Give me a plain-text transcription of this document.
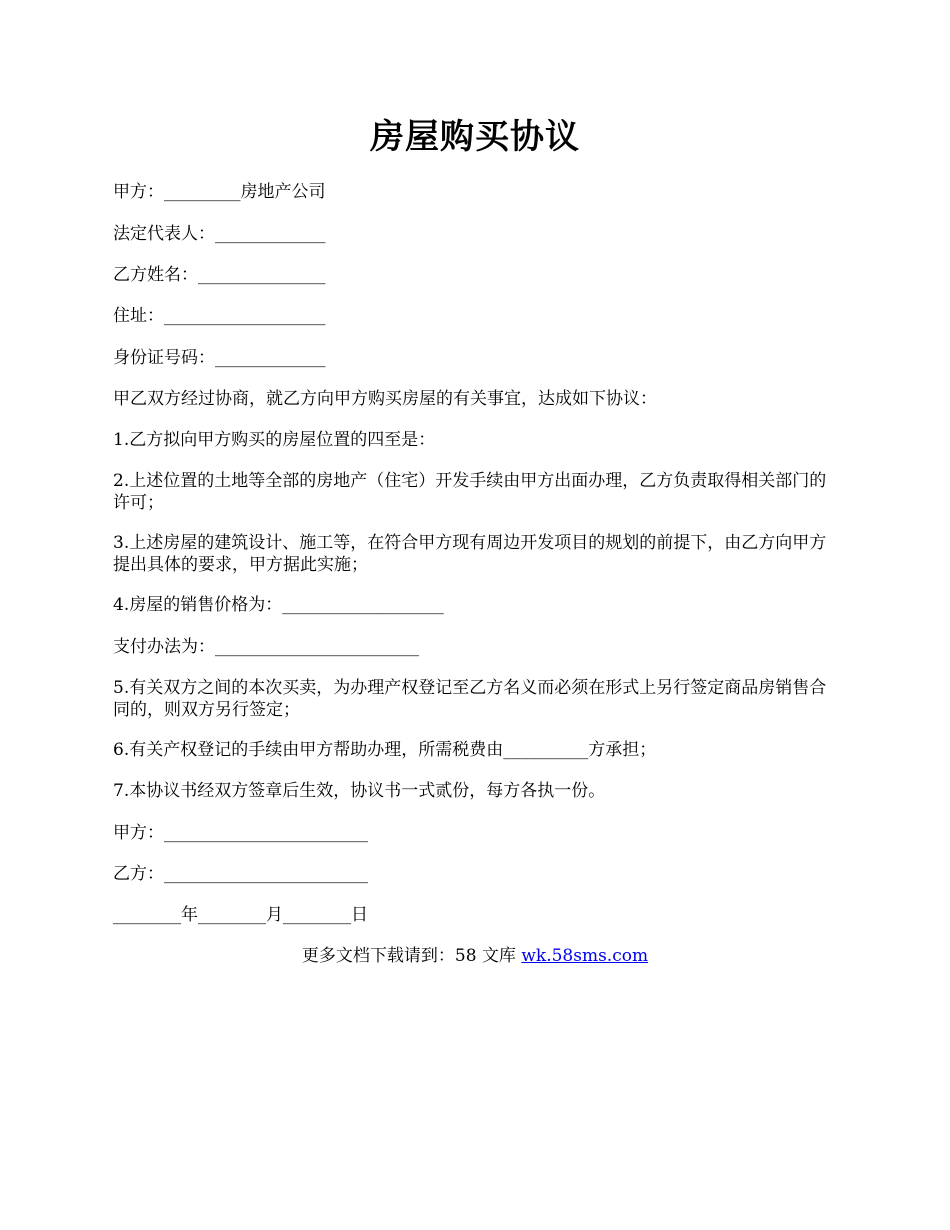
房屋购买协议
甲方：_________房地产公司
法定代表人：_____________
乙方姓名：_______________
住址：___________________
身份证号码：_____________
甲乙双方经过协商，就乙方向甲方购买房屋的有关事宜，达成如下协议：
1.乙方拟向甲方购买的房屋位置的四至是：
2.上述位置的土地等全部的房地产（住宅）开发手续由甲方出面办理，乙方负责取得相关部门的许可；
3.上述房屋的建筑设计、施工等，在符合甲方现有周边开发项目的规划的前提下，由乙方向甲方提出具体的要求，甲方据此实施；
4.房屋的销售价格为：___________________
支付办法为：________________________
5.有关双方之间的本次买卖，为办理产权登记至乙方名义而必须在形式上另行签定商品房销售合同的，则双方另行签定；
6.有关产权登记的手续由甲方帮助办理，所需税费由__________方承担；
7.本协议书经双方签章后生效，协议书一式贰份，每方各执一份。
甲方：________________________
乙方：________________________
________年________月________日
更多文档下载请到：58 文库 wk.58sms.com
